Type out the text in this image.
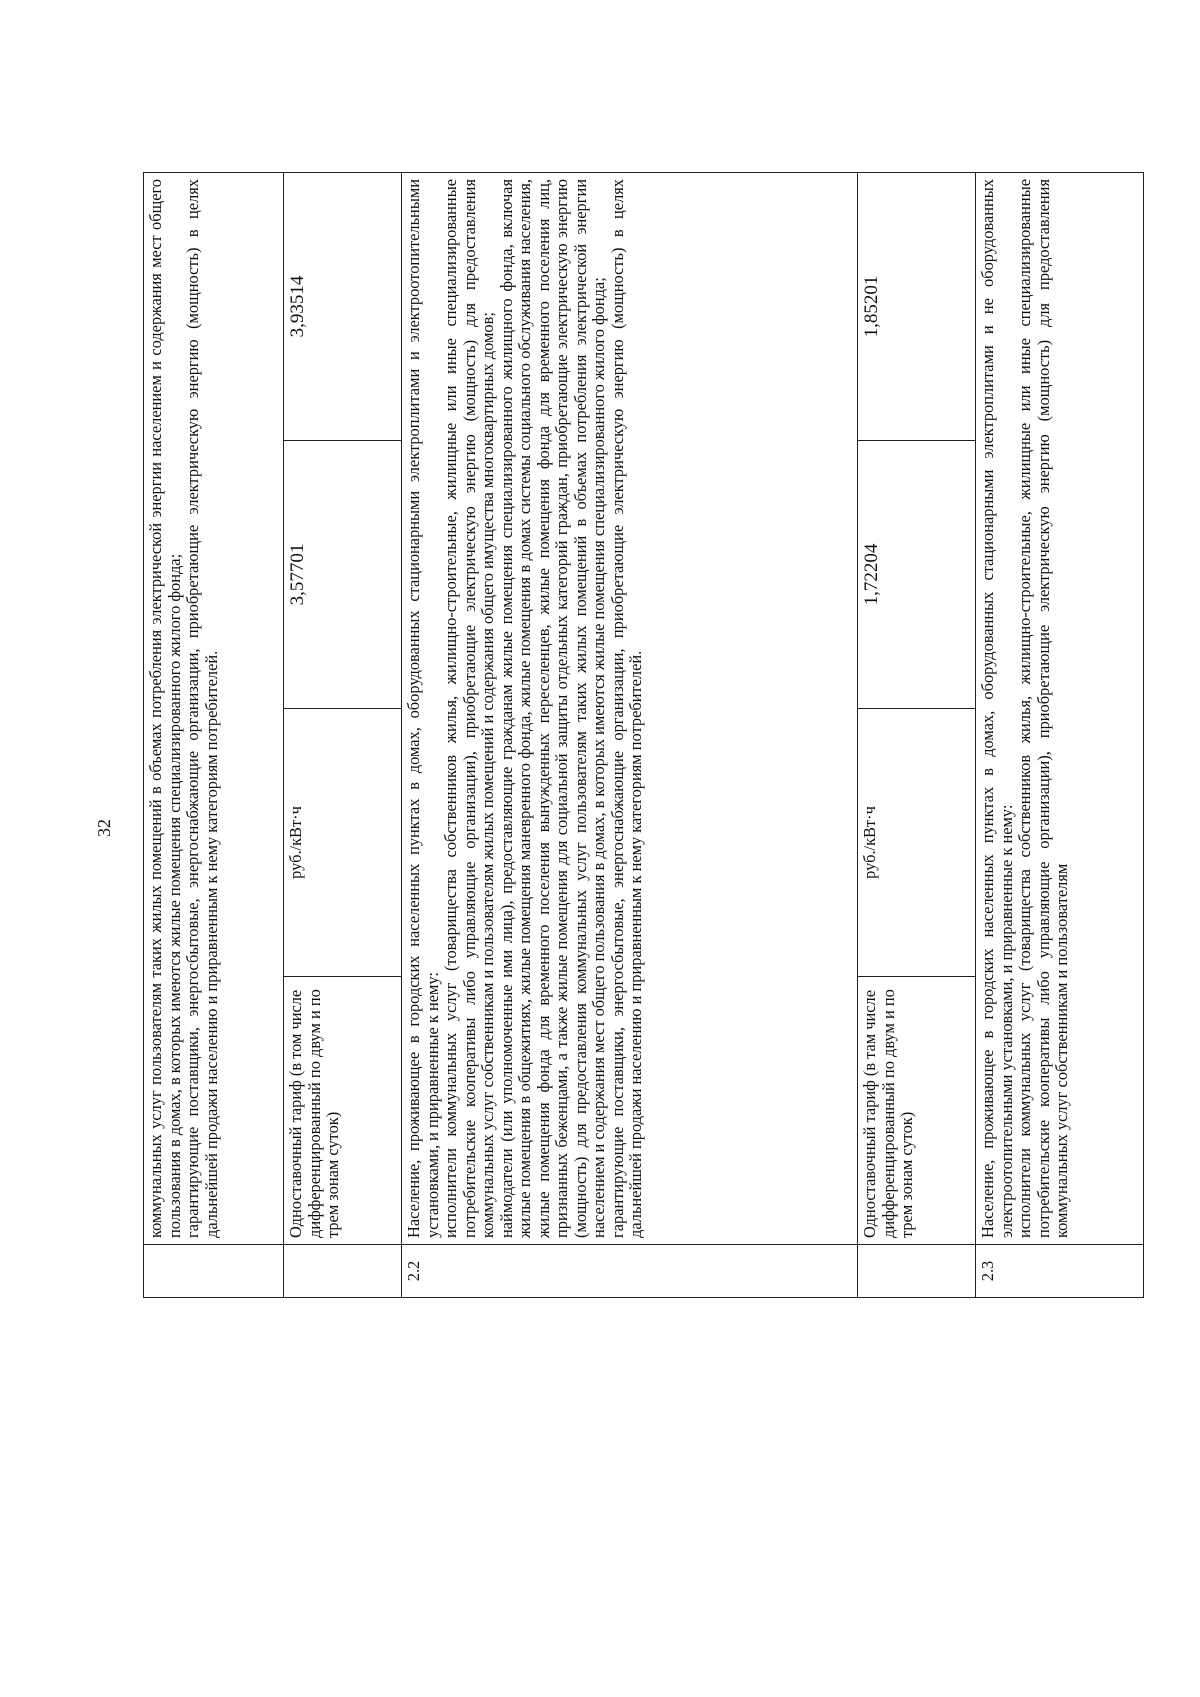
32

	коммунальных услуг пользователям таких жилых помещений в объемах потребления электрической энергии населением и содержания мест общего пользования в домах, в которых имеются жилые помещения специализированного жилого фонда; гарантирующие поставщики, энергосбытовые, энергоснабжающие организации, приобретающие электрическую энергию (мощность) в целях дальнейшей продажи населению и приравненным к нему категориям потребителей.			

	Одноставочный тариф (в том числе дифференцированный по двум и по трем зонам суток)	руб./кВт·ч	3,57701	3,93514
2.2	Население, проживающее в городских населенных пунктах в домах, оборудованных стационарными электроплитами и электроотопительными установками, и приравненные к нему: исполнители коммунальных услуг (товарищества собственников жилья, жилищно-строительные, жилищные или иные специализированные потребительские кооперативы либо управляющие организации), приобретающие электрическую энергию (мощность) для предоставления коммунальных услуг собственникам и пользователям жилых помещений и содержания общего имущества многоквартирных домов; наймодатели (или уполномоченные ими лица), предоставляющие гражданам жилые помещения специализированного жилищного фонда, включая жилые помещения в общежитиях, жилые помещения маневренного фонда, жилые помещения в домах системы социального обслуживания населения, жилые помещения фонда для временного поселения вынужденных переселенцев, жилые помещения фонда для временного поселения лиц, признанных беженцами, а также жилые помещения для социальной защиты отдельных категорий граждан, приобретающие электрическую энергию (мощность) для предоставления коммунальных услуг пользователям таких жилых помещений в объемах потребления электрической энергии населением и содержания мест общего пользования в домах, в которых имеются жилые помещения специализированного жилого фонда; гарантирующие поставщики, энергосбытовые, энергоснабжающие организации, приобретающие электрическую энергию (мощность) в целях дальнейшей продажи населению и приравненным к нему категориям потребителей.			

	Одноставочный тариф (в там числе дифференцированный по двум и по трем зонам суток)	руб./кВт·ч	1,72204	1,85201
2.3	Население, проживающее в городских населенных пунктах в домах, оборудованных стационарными электроплитами и не оборудованных электроотопительными установками, и приравненные к нему: исполнители коммунальных услуг (товарищества собственников жилья, жилищно-строительные, жилищные или иные специализированные потребительские кооперативы либо управляющие организации), приобретающие электрическую энергию (мощность) для предоставления коммунальных услуг собственникам и пользователям			
